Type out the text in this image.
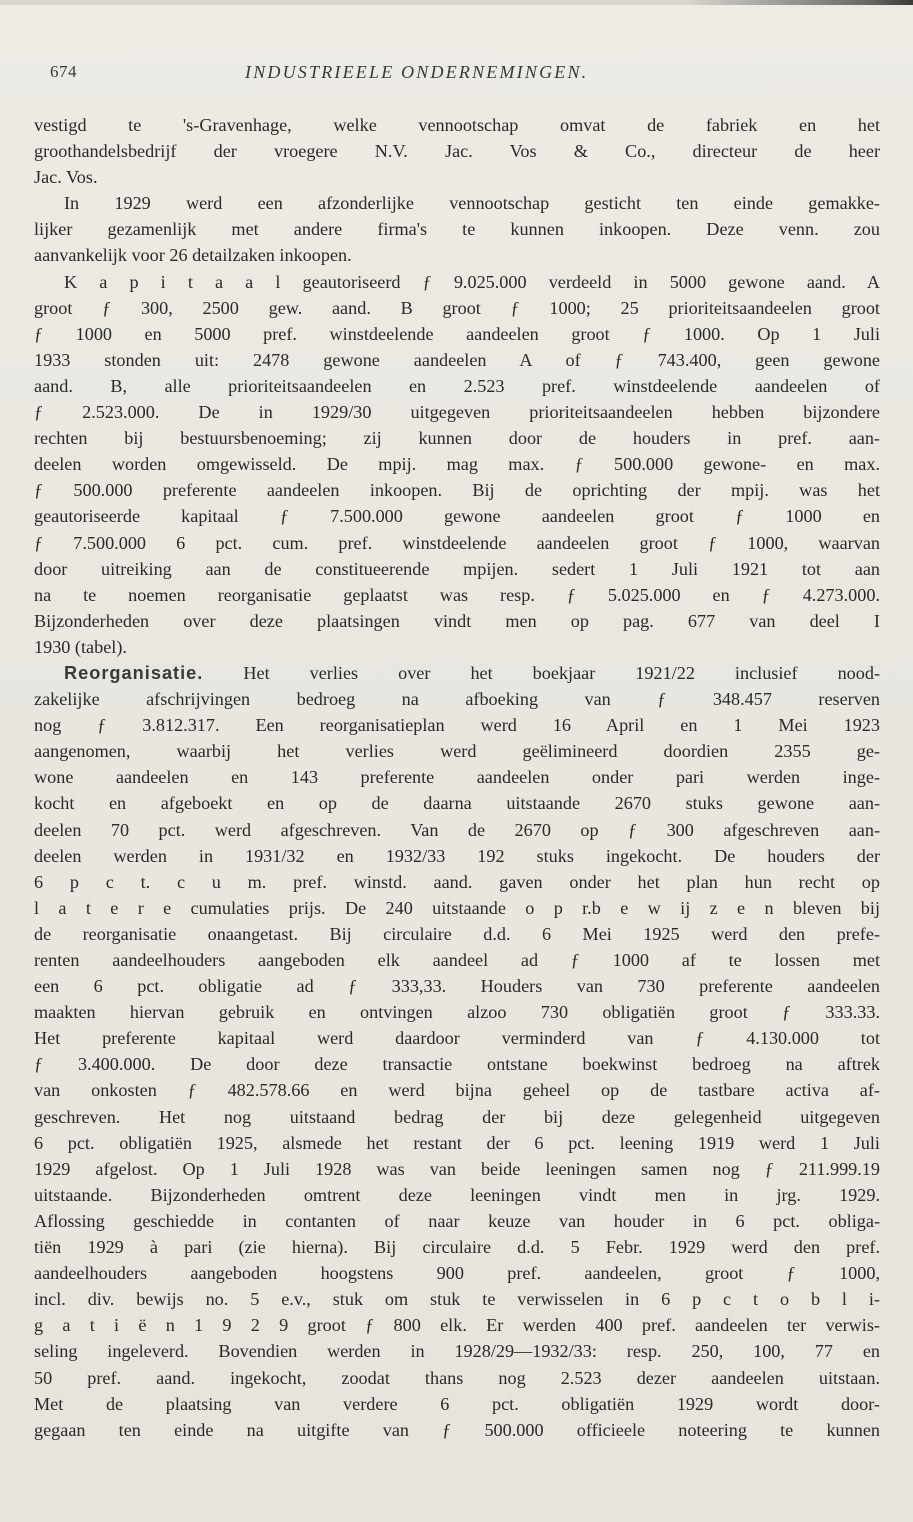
674	INDUSTRIEELE ONDERNEMINGEN.
vestigd te 's-Gravenhage, welke vennootschap omvat de fabriek en het
groothandelsbedrijf der vroegere N.V. Jac. Vos & Co., directeur de heer
Jac. Vos.
In 1929 werd een afzonderlijke vennootschap gesticht ten einde gemakke-
lijker gezamenlijk met andere firma's te kunnen inkoopen. Deze venn. zou
aanvankelijk voor 26 detailzaken inkoopen.
K a p i t a a l geautoriseerd ƒ 9.025.000 verdeeld in 5000 gewone aand. A
groot ƒ 300, 2500 gew. aand. B groot ƒ 1000; 25 prioriteitsaandeelen groot
ƒ 1000 en 5000 pref. winstdeelende aandeelen groot ƒ 1000. Op 1 Juli
1933 stonden uit: 2478 gewone aandeelen A of ƒ 743.400, geen gewone
aand. B, alle prioriteitsaandeelen en 2.523 pref. winstdeelende aandeelen of
ƒ 2.523.000. De in 1929/30 uitgegeven prioriteitsaandeelen hebben bijzondere
rechten bij bestuursbenoeming; zij kunnen door de houders in pref. aan-
deelen worden omgewisseld. De mpij. mag max. ƒ 500.000 gewone- en max.
ƒ 500.000 preferente aandeelen inkoopen. Bij de oprichting der mpij. was het
geautoriseerde kapitaal ƒ 7.500.000 gewone aandeelen groot ƒ 1000 en
ƒ 7.500.000 6 pct. cum. pref. winstdeelende aandeelen groot ƒ 1000, waarvan
door uitreiking aan de constitueerende mpijen. sedert 1 Juli 1921 tot aan
na te noemen reorganisatie geplaatst was resp. ƒ 5.025.000 en ƒ 4.273.000.
Bijzonderheden over deze plaatsingen vindt men op pag. 677 van deel I
1930 (tabel).
Reorganisatie. Het verlies over het boekjaar 1921/22 inclusief nood-
zakelijke afschrijvingen bedroeg na afboeking van ƒ 348.457 reserven
nog ƒ 3.812.317. Een reorganisatieplan werd 16 April en 1 Mei 1923
aangenomen, waarbij het verlies werd geëlimineerd doordien 2355 ge-
wone aandeelen en 143 preferente aandeelen onder pari werden inge-
kocht en afgeboekt en op de daarna uitstaande 2670 stuks gewone aan-
deelen 70 pct. werd afgeschreven. Van de 2670 op ƒ 300 afgeschreven aan-
deelen werden in 1931/32 en 1932/33 192 stuks ingekocht. De houders der
6 p c t. c u m. pref. winstd. aand. gaven onder het plan hun recht op
l a t e r e cumulaties prijs. De 240 uitstaande o p r.b e w ij z e n bleven bij
de reorganisatie onaangetast. Bij circulaire d.d. 6 Mei 1925 werd den prefe-
renten aandeelhouders aangeboden elk aandeel ad ƒ 1000 af te lossen met
een 6 pct. obligatie ad ƒ 333,33. Houders van 730 preferente aandeelen
maakten hiervan gebruik en ontvingen alzoo 730 obligatiën groot ƒ 333.33.
Het preferente kapitaal werd daardoor verminderd van ƒ 4.130.000 tot
ƒ 3.400.000. De door deze transactie ontstane boekwinst bedroeg na aftrek
van onkosten ƒ 482.578.66 en werd bijna geheel op de tastbare activa af-
geschreven. Het nog uitstaand bedrag der bij deze gelegenheid uitgegeven
6 pct. obligatiën 1925, alsmede het restant der 6 pct. leening 1919 werd 1 Juli
1929 afgelost. Op 1 Juli 1928 was van beide leeningen samen nog ƒ 211.999.19
uitstaande. Bijzonderheden omtrent deze leeningen vindt men in jrg. 1929.
Aflossing geschiedde in contanten of naar keuze van houder in 6 pct. obliga-
tiën 1929 à pari (zie hierna). Bij circulaire d.d. 5 Febr. 1929 werd den pref.
aandeelhouders aangeboden hoogstens 900 pref. aandeelen, groot ƒ 1000,
incl. div. bewijs no. 5 e.v., stuk om stuk te verwisselen in 6 p c t o b l i-
g a t i ë n 1 9 2 9 groot ƒ 800 elk. Er werden 400 pref. aandeelen ter verwis-
seling ingeleverd. Bovendien werden in 1928/29—1932/33: resp. 250, 100, 77 en
50 pref. aand. ingekocht, zoodat thans nog 2.523 dezer aandeelen uitstaan.
Met de plaatsing van verdere 6 pct. obligatiën 1929 wordt door-
gegaan ten einde na uitgifte van ƒ 500.000 officieele noteering te kunnen
